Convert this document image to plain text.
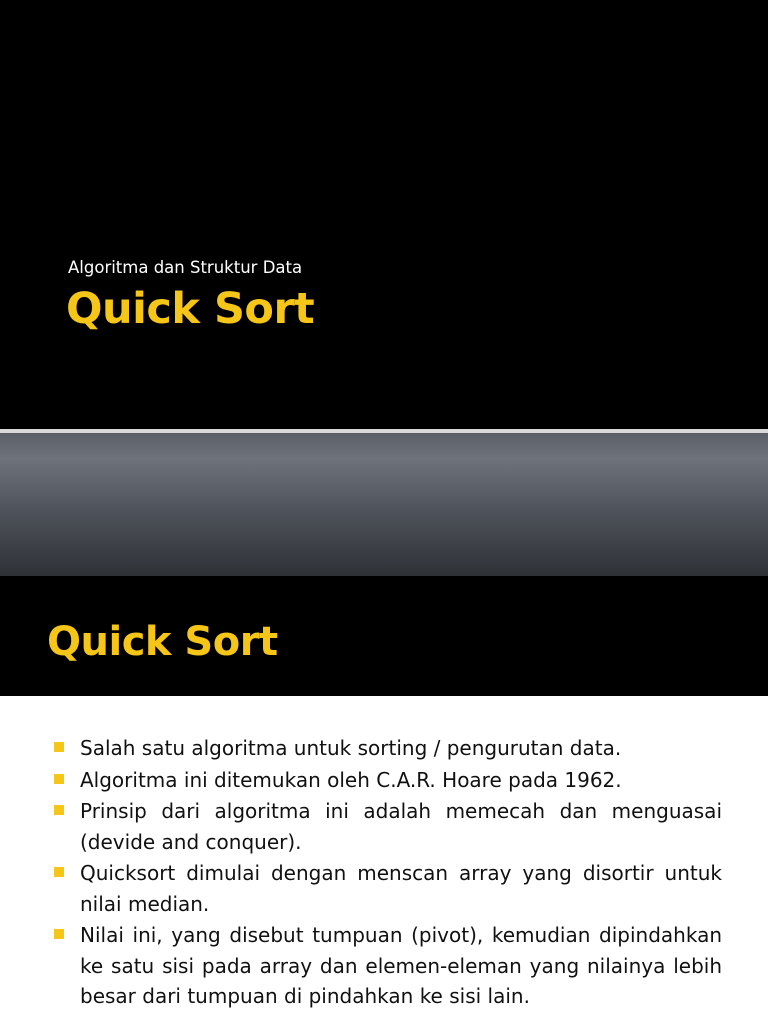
Algoritma dan Struktur Data
Quick Sort
Quick Sort
Salah satu algoritma untuk sorting / pengurutan data.
Algoritma ini ditemukan oleh C.A.R. Hoare pada 1962.
Prinsip dari algoritma ini adalah memecah dan menguasai (devide and conquer).
Quicksort dimulai dengan menscan array yang disortir untuk nilai median.
Nilai ini, yang disebut tumpuan (pivot), kemudian dipindahkan ke satu sisi pada array dan elemen-eleman yang nilainya lebih besar dari tumpuan di pindahkan ke sisi lain.
